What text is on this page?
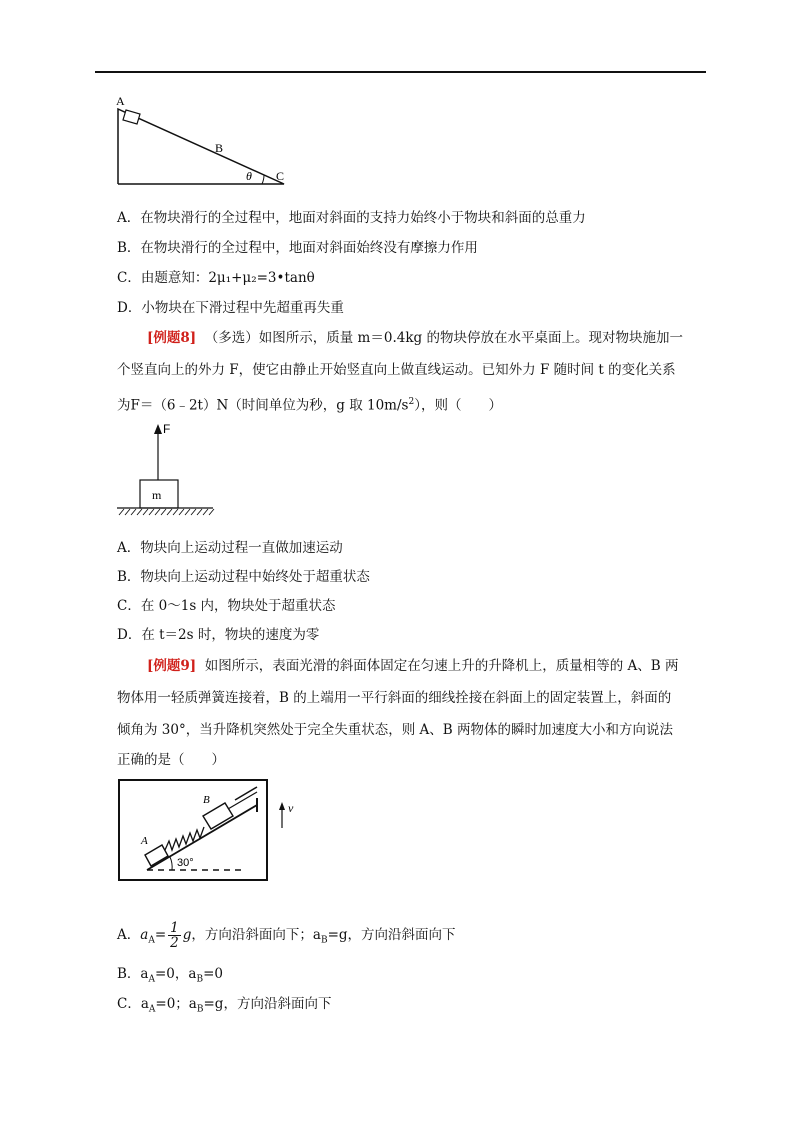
A
B
C
θ
A．在物块滑行的全过程中，地面对斜面的支持力始终小于物块和斜面的总重力
B．在物块滑行的全过程中，地面对斜面始终没有摩擦力作用
C．由题意知：2μ₁+μ₂=3•tanθ
D．小物块在下滑过程中先超重再失重
[例题8] （多选）如图所示，质量 m＝0.4kg 的物块停放在水平桌面上。现对物块施加一
个竖直向上的外力 F，使它由静止开始竖直向上做直线运动。已知外力 F 随时间 t 的变化关系
为F＝（6﹣2t）N（时间单位为秒，g 取 $10m/s^2$），则（　　）
F
m
A．物块向上运动过程一直做加速运动
B．物块向上运动过程中始终处于超重状态
C．在 0～1s 内，物块处于超重状态
D．在 t＝2s 时，物块的速度为零
[例题9] 如图所示，表面光滑的斜面体固定在匀速上升的升降机上，质量相等的 A、B 两
物体用一轻质弹簧连接着，B 的上端用一平行斜面的细线拴接在斜面上的固定装置上，斜面的
倾角为 30°，当升降机突然处于完全失重状态，则 A、B 两物体的瞬时加速度大小和方向说法
正确的是（　　）
A
B
30°
v
A．$a_A= \frac{1}{2}$ g，方向沿斜面向下；$a_B=g$，方向沿斜面向下
B．$a_A=0$，$a_B=0$
C．$a_A=0$；$a_B=g$，方向沿斜面向下
